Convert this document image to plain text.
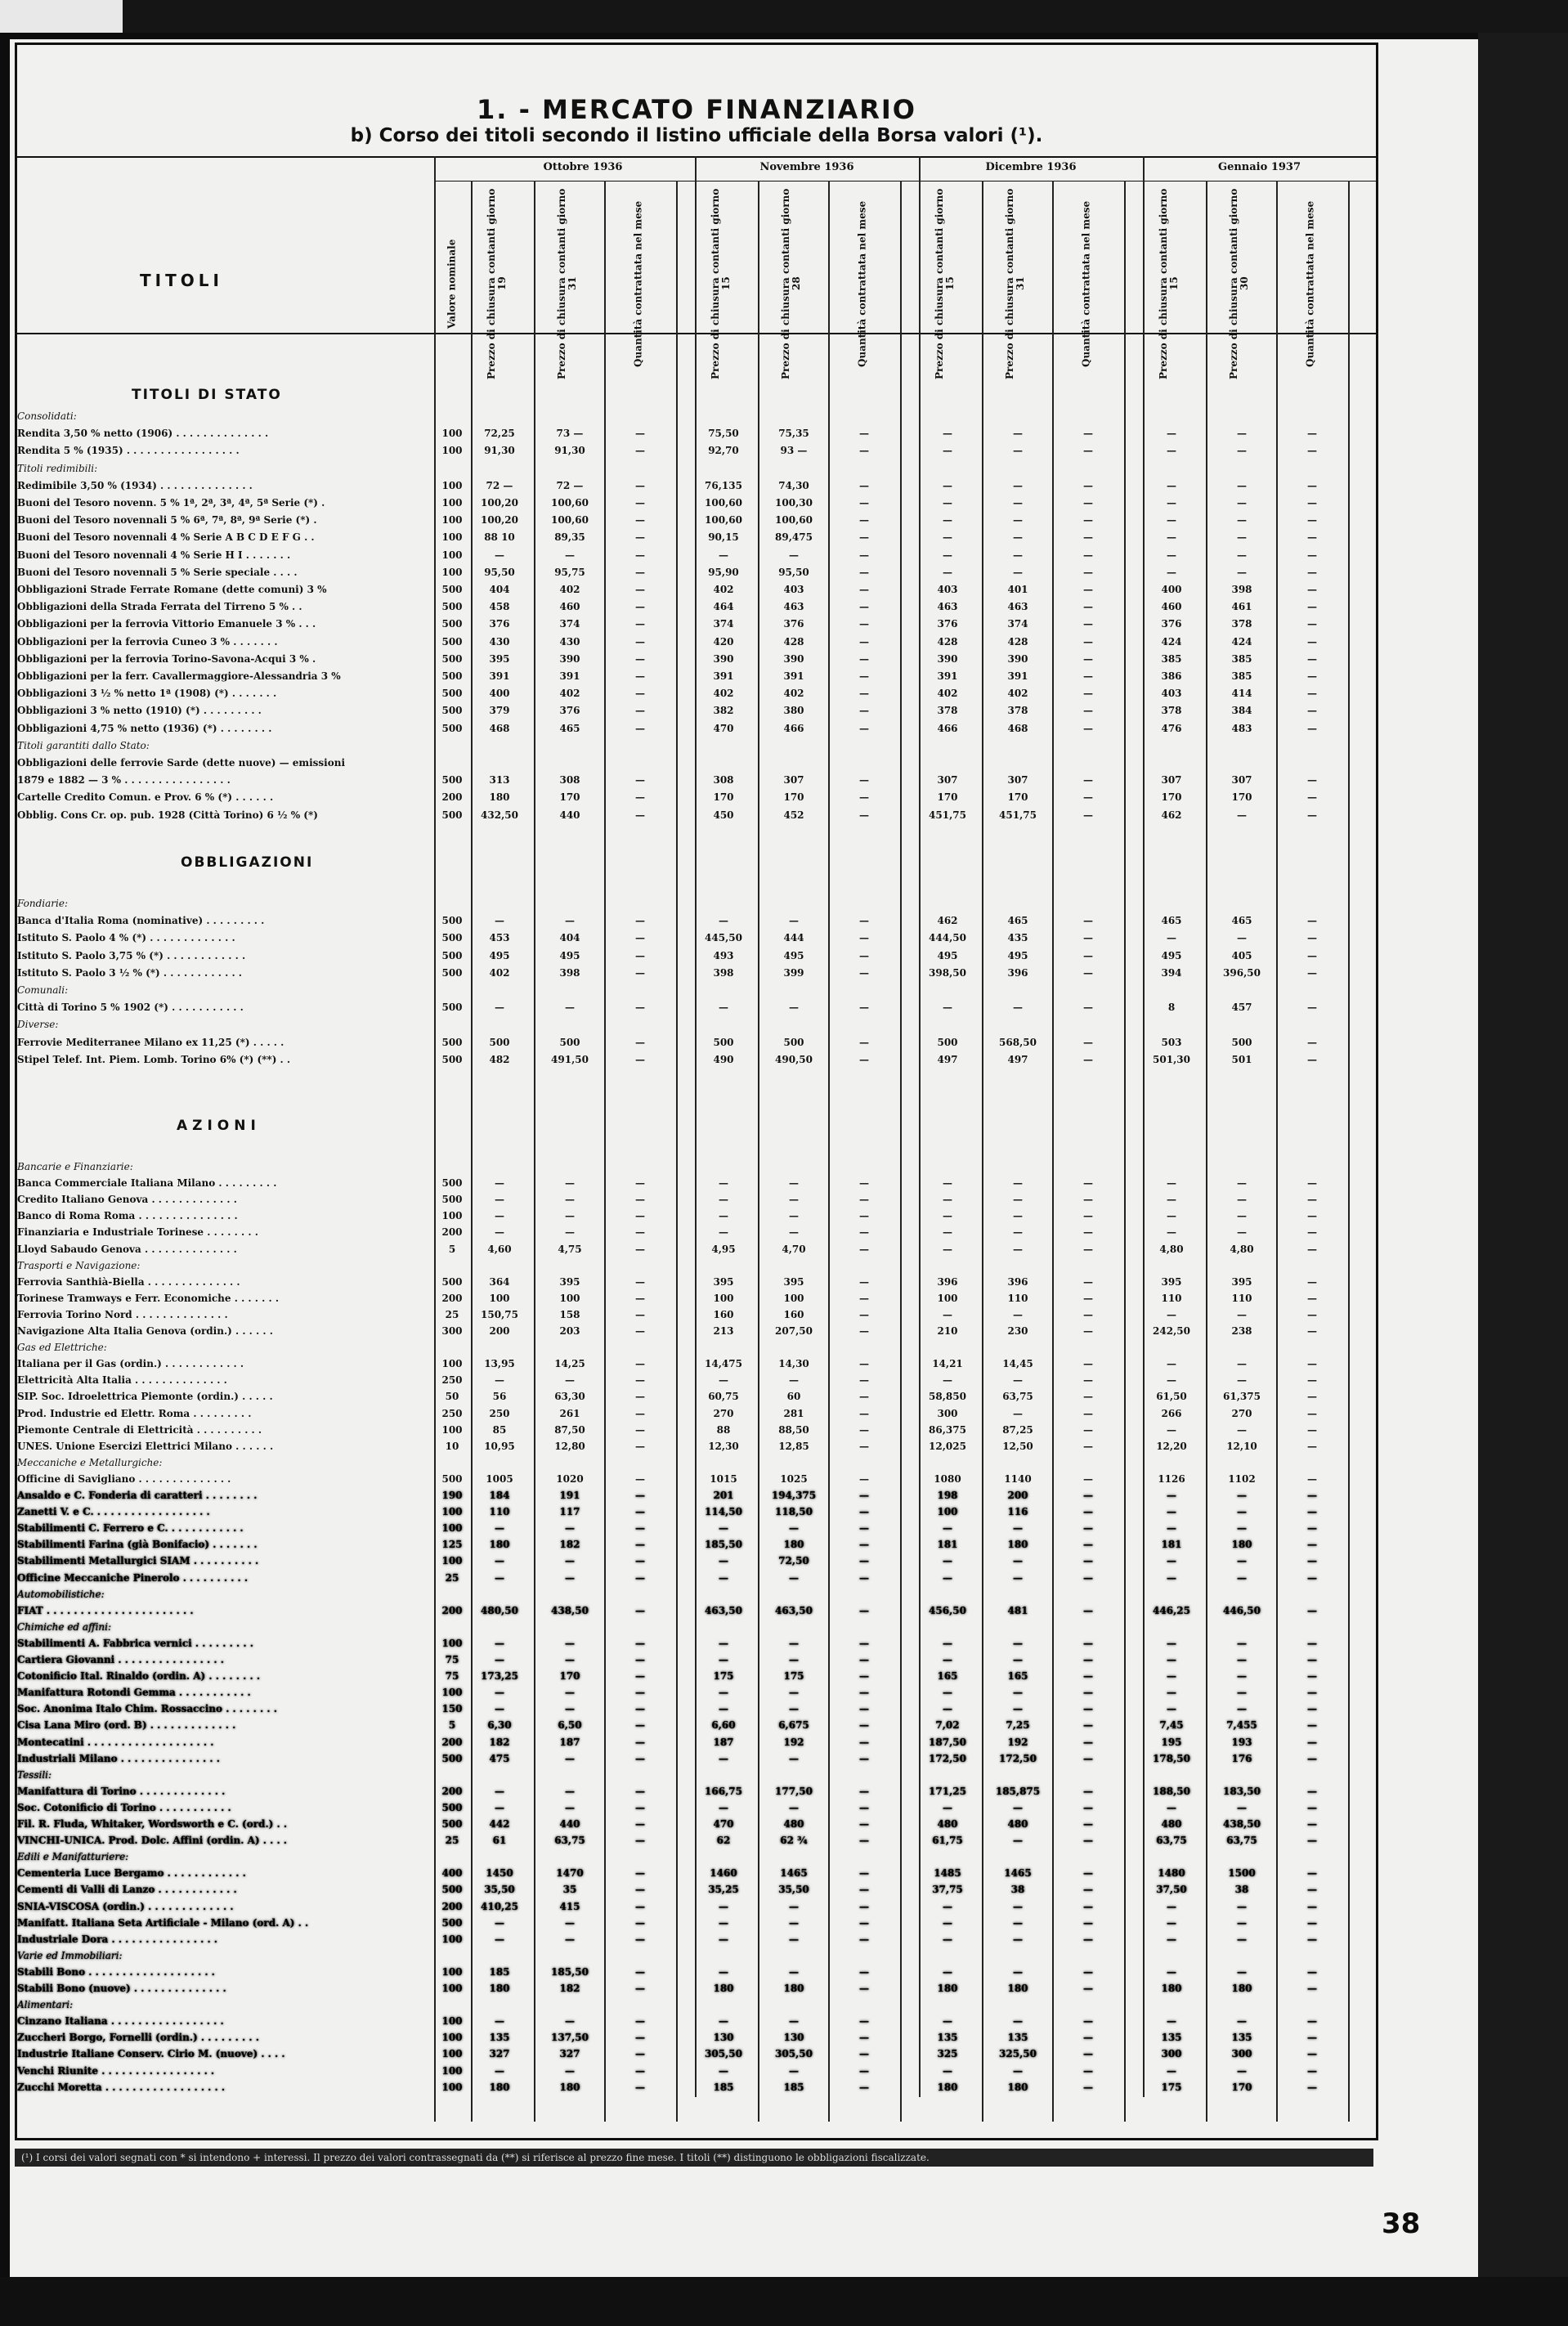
1. - MERCATO FINANZIARIO
b) Corso dei titoli secondo il listino ufficiale della Borsa valori (¹).
TITOLI
Ottobre 1936	Novembre 1936	Dicembre 1936	Gennaio 1937
Valore nominale	Prezzo di chiusura contanti giorno 19	Prezzo di chiusura contanti giorno 31	Quantità contrattata nel mese	Prezzo di chiusura contanti giorno 15	Prezzo di chiusura contanti giorno 28	Quantità contrattata nel mese	Prezzo di chiusura contanti giorno 15	Prezzo di chiusura contanti giorno 31	Quantità contrattata nel mese	Prezzo di chiusura contanti giorno 15	Prezzo di chiusura contanti giorno 30	Quantità contrattata nel mese
TITOLI DI STATO
OBBLIGAZIONI
AZIONI
Consolidati:
Rendita 3,50 % netto (1906) . . . . . . . . . . . . . .	100	72,25	73 —	—	75,50	75,35	—	—	—	—	—	—	—
Rendita 5 % (1935) . . . . . . . . . . . . . . . . .	100	91,30	91,30	—	92,70	93 —	—	—	—	—	—	—	—
Titoli redimibili:
Redimibile 3,50 % (1934) . . . . . . . . . . . . . .	100	72 —	72 —	—	76,135	74,30	—	—	—	—	—	—	—
Buoni del Tesoro novenn. 5 % 1ª, 2ª, 3ª, 4ª, 5ª Serie (*) .	100	100,20	100,60	—	100,60	100,30	—	—	—	—	—	—	—
Buoni del Tesoro novennali 5 % 6ª, 7ª, 8ª, 9ª Serie (*) .	100	100,20	100,60	—	100,60	100,60	—	—	—	—	—	—	—
Buoni del Tesoro novennali 4 % Serie A B C D E F G . .	100	88 10	89,35	—	90,15	89,475	—	—	—	—	—	—	—
Buoni del Tesoro novennali 4 % Serie H I . . . . . . .	100	—	—	—	—	—	—	—	—	—	—	—	—
Buoni del Tesoro novennali 5 % Serie speciale . . . .	100	95,50	95,75	—	95,90	95,50	—	—	—	—	—	—	—
Obbligazioni Strade Ferrate Romane (dette comuni) 3 %	500	404	402	—	402	403	—	403	401	—	400	398	—
Obbligazioni della Strada Ferrata del Tirreno 5 % . .	500	458	460	—	464	463	—	463	463	—	460	461	—
Obbligazioni per la ferrovia Vittorio Emanuele 3 % . . .	500	376	374	—	374	376	—	376	374	—	376	378	—
Obbligazioni per la ferrovia Cuneo 3 % . . . . . . .	500	430	430	—	420	428	—	428	428	—	424	424	—
Obbligazioni per la ferrovia Torino-Savona-Acqui 3 % .	500	395	390	—	390	390	—	390	390	—	385	385	—
Obbligazioni per la ferr. Cavallermaggiore-Alessandria 3 %	500	391	391	—	391	391	—	391	391	—	386	385	—
Obbligazioni 3 ½ % netto 1ª (1908) (*) . . . . . . .	500	400	402	—	402	402	—	402	402	—	403	414	—
Obbligazioni 3 % netto (1910) (*) . . . . . . . . .	500	379	376	—	382	380	—	378	378	—	378	384	—
Obbligazioni 4,75 % netto (1936) (*) . . . . . . . .	500	468	465	—	470	466	—	466	468	—	476	483	—
Titoli garantiti dallo Stato:
Obbligazioni delle ferrovie Sarde (dette nuove) — emissioni
1879 e 1882 — 3 % . . . . . . . . . . . . . . . .	500	313	308	—	308	307	—	307	307	—	307	307	—
Cartelle Credito Comun. e Prov. 6 % (*) . . . . . .	200	180	170	—	170	170	—	170	170	—	170	170	—
Obblig. Cons Cr. op. pub. 1928 (Città Torino) 6 ½ % (*)	500	432,50	440	—	450	452	—	451,75	451,75	—	462	—	—
Fondiarie:
Banca d'Italia Roma (nominative) . . . . . . . . .	500	—	—	—	—	—	—	462	465	—	465	465	—
Istituto S. Paolo 4 % (*) . . . . . . . . . . . . .	500	453	404	—	445,50	444	—	444,50	435	—	—	—	—
Istituto S. Paolo 3,75 % (*) . . . . . . . . . . . .	500	495	495	—	493	495	—	495	495	—	495	405	—
Istituto S. Paolo 3 ½ % (*) . . . . . . . . . . . .	500	402	398	—	398	399	—	398,50	396	—	394	396,50	—
Comunali:
Città di Torino 5 % 1902 (*) . . . . . . . . . . .	500	—	—	—	—	—	—	—	—	—	8	457	—
Diverse:
Ferrovie Mediterranee Milano ex 11,25 (*) . . . . .	500	500	500	—	500	500	—	500	568,50	—	503	500	—
Stipel Telef. Int. Piem. Lomb. Torino 6% (*) (**) . .	500	482	491,50	—	490	490,50	—	497	497	—	501,30	501	—
Bancarie e Finanziarie:
Banca Commerciale Italiana Milano . . . . . . . . .	500	—	—	—	—	—	—	—	—	—	—	—	—
Credito Italiano Genova . . . . . . . . . . . . .	500	—	—	—	—	—	—	—	—	—	—	—	—
Banco di Roma Roma . . . . . . . . . . . . . . .	100	—	—	—	—	—	—	—	—	—	—	—	—
Finanziaria e Industriale Torinese . . . . . . . .	200	—	—	—	—	—	—	—	—	—	—	—	—
Lloyd Sabaudo Genova . . . . . . . . . . . . . .	5	4,60	4,75	—	4,95	4,70	—	—	—	—	4,80	4,80	—
Trasporti e Navigazione:
Ferrovia Santhià-Biella . . . . . . . . . . . . . .	500	364	395	—	395	395	—	396	396	—	395	395	—
Torinese Tramways e Ferr. Economiche . . . . . . .	200	100	100	—	100	100	—	100	110	—	110	110	—
Ferrovia Torino Nord . . . . . . . . . . . . . .	25	150,75	158	—	160	160	—	—	—	—	—	—	—
Navigazione Alta Italia Genova (ordin.) . . . . . .	300	200	203	—	213	207,50	—	210	230	—	242,50	238	—
Gas ed Elettriche:
Italiana per il Gas (ordin.) . . . . . . . . . . . .	100	13,95	14,25	—	14,475	14,30	—	14,21	14,45	—	—	—	—
Elettricità Alta Italia . . . . . . . . . . . . . .	250	—	—	—	—	—	—	—	—	—	—	—	—
SIP. Soc. Idroelettrica Piemonte (ordin.) . . . . .	50	56	63,30	—	60,75	60	—	58,850	63,75	—	61,50	61,375	—
Prod. Industrie ed Elettr. Roma . . . . . . . . .	250	250	261	—	270	281	—	300	—	—	266	270	—
Piemonte Centrale di Elettricità . . . . . . . . . .	100	85	87,50	—	88	88,50	—	86,375	87,25	—	—	—	—
UNES. Unione Esercizi Elettrici Milano . . . . . .	10	10,95	12,80	—	12,30	12,85	—	12,025	12,50	—	12,20	12,10	—
Meccaniche e Metallurgiche:
Officine di Savigliano . . . . . . . . . . . . . .	500	1005	1020	—	1015	1025	—	1080	1140	—	1126	1102	—
Ansaldo e C. Fonderia di caratteri . . . . . . . .	190	184	191	—	201	194,375	—	198	200	—	—	—	—
Zanetti V. e C. . . . . . . . . . . . . . . . . .	100	110	117	—	114,50	118,50	—	100	116	—	—	—	—
Stabilimenti C. Ferrero e C. . . . . . . . . . . .	100	—	—	—	—	—	—	—	—	—	—	—	—
Stabilimenti Farina (già Bonifacio) . . . . . . .	125	180	182	—	185,50	180	—	181	180	—	181	180	—
Stabilimenti Metallurgici SIAM . . . . . . . . . .	100	—	—	—	—	72,50	—	—	—	—	—	—	—
Officine Meccaniche Pinerolo . . . . . . . . . .	25	—	—	—	—	—	—	—	—	—	—	—	—
Automobilistiche:
FIAT . . . . . . . . . . . . . . . . . . . . . .	200	480,50	438,50	—	463,50	463,50	—	456,50	481	—	446,25	446,50	—
Chimiche ed affini:
Stabilimenti A. Fabbrica vernici . . . . . . . . .	100	—	—	—	—	—	—	—	—	—	—	—	—
Cartiera Giovanni . . . . . . . . . . . . . . . .	75	—	—	—	—	—	—	—	—	—	—	—	—
Cotonificio Ital. Rinaldo (ordin. A) . . . . . . . .	75	173,25	170	—	175	175	—	165	165	—	—	—	—
Manifattura Rotondi Gemma . . . . . . . . . . .	100	—	—	—	—	—	—	—	—	—	—	—	—
Soc. Anonima Italo Chim. Rossaccino . . . . . . . .	150	—	—	—	—	—	—	—	—	—	—	—	—
Cisa Lana Miro (ord. B) . . . . . . . . . . . . .	5	6,30	6,50	—	6,60	6,675	—	7,02	7,25	—	7,45	7,455	—
Montecatini . . . . . . . . . . . . . . . . . . .	200	182	187	—	187	192	—	187,50	192	—	195	193	—
Industriali Milano . . . . . . . . . . . . . . .	500	475	—	—	—	—	—	172,50	172,50	—	178,50	176	—
Tessili:
Manifattura di Torino . . . . . . . . . . . . .	200	—	—	—	166,75	177,50	—	171,25	185,875	—	188,50	183,50	—
Soc. Cotonificio di Torino . . . . . . . . . . .	500	—	—	—	—	—	—	—	—	—	—	—	—
Fil. R. Fluda, Whitaker, Wordsworth e C. (ord.) . .	500	442	440	—	470	480	—	480	480	—	480	438,50	—
VINCHI-UNICA. Prod. Dolc. Affini (ordin. A) . . . .	25	61	63,75	—	62	62 ¾	—	61,75	—	—	63,75	63,75	—
Edili e Manifatturiere:
Cementeria Luce Bergamo . . . . . . . . . . . .	400	1450	1470	—	1460	1465	—	1485	1465	—	1480	1500	—
Cementi di Valli di Lanzo . . . . . . . . . . . .	500	35,50	35	—	35,25	35,50	—	37,75	38	—	37,50	38	—
SNIA-VISCOSA (ordin.) . . . . . . . . . . . . .	200	410,25	415	—	—	—	—	—	—	—	—	—	—
Manifatt. Italiana Seta Artificiale - Milano (ord. A) . .	500	—	—	—	—	—	—	—	—	—	—	—	—
Industriale Dora . . . . . . . . . . . . . . . .	100	—	—	—	—	—	—	—	—	—	—	—	—
Varie ed Immobiliari:
Stabili Bono . . . . . . . . . . . . . . . . . . .	100	185	185,50	—	—	—	—	—	—	—	—	—	—
Stabili Bono (nuove) . . . . . . . . . . . . . .	100	180	182	—	180	180	—	180	180	—	180	180	—
Alimentari:
Cinzano Italiana . . . . . . . . . . . . . . . . .	100	—	—	—	—	—	—	—	—	—	—	—	—
Zuccheri Borgo, Fornelli (ordin.) . . . . . . . . .	100	135	137,50	—	130	130	—	135	135	—	135	135	—
Industrie Italiane Conserv. Cirio M. (nuove) . . . .	100	327	327	—	305,50	305,50	—	325	325,50	—	300	300	—
Venchi Riunite . . . . . . . . . . . . . . . . .	100	—	—	—	—	—	—	—	—	—	—	—	—
Zucchi Moretta . . . . . . . . . . . . . . . . . .	100	180	180	—	185	185	—	180	180	—	175	170	—
(¹) I corsi dei valori segnati con * si intendono + interessi. Il prezzo dei valori contrassegnati da (**) si riferisce al prezzo fine mese. I titoli (**) distinguono le obbligazioni fiscalizzate.
38
